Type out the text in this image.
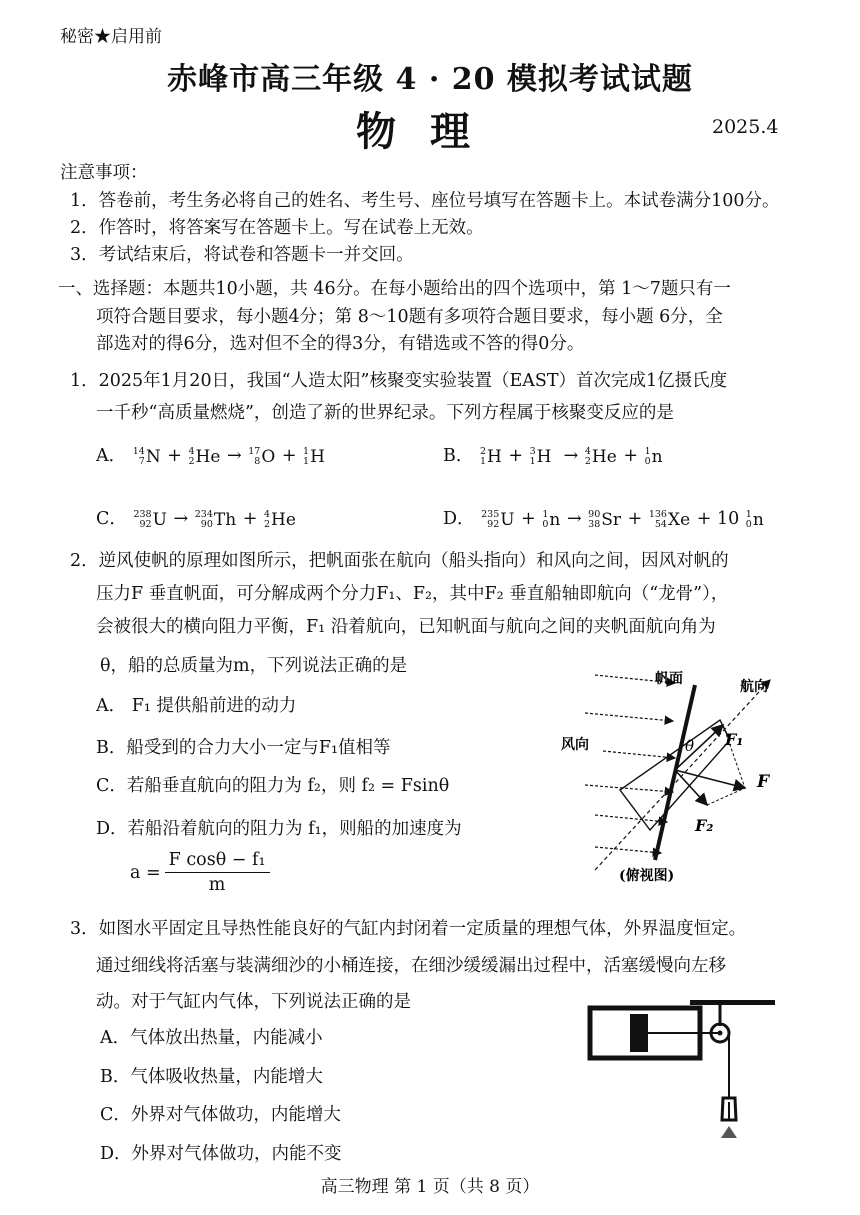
秘密★启用前
赤峰市高三年级 4 · 20 模拟考试试题
物理	2025.4
注意事项：
1．答卷前，考生务必将自己的姓名、考生号、座位号填写在答题卡上。本试卷满分100分。
2．作答时，将答案写在答题卡上。写在试卷上无效。
3．考试结束后，将试卷和答题卡一并交回。
一、选择题：本题共10小题，共 46分。在每小题给出的四个选项中，第 1～7题只有一
项符合题目要求，每小题4分；第 8～10题有多项符合题目要求，每小题 6分，全
部选对的得6分，选对但不全的得3分，有错选或不答的得0分。
1．2025年1月20日，我国“人造太阳”核聚变实验装置（EAST）首次完成1亿摄氏度
一千秒“高质量燃烧”，创造了新的世界纪录。下列方程属于核聚变反应的是
A． 14
7 N + 4
2 He → 17
8 O + 1
1 H	B． 2
1 H + 3
1 H → 4
2 He + 1
0 n
C． 238
92 U → 234
90 Th + 4
2 He	D． 235
92 U + 1
0 n → 90
38 Sr + 136
54 Xe + 10 1
0 n
2．逆风使帆的原理如图所示，把帆面张在航向（船头指向）和风向之间，因风对帆的
压力F 垂直帆面，可分解成两个分力F₁、F₂，其中F₂ 垂直船轴即航向（“龙骨”），
会被很大的横向阻力平衡，F₁ 沿着航向，已知帆面与航向之间的夹帆面航向角为
θ，船的总质量为m，下列说法正确的是
A． F₁ 提供船前进的动力
B．船受到的合力大小一定与F₁值相等
C．若船垂直航向的阻力为 f₂，则 f₂ = Fsinθ
D．若船沿着航向的阻力为 f₁，则船的加速度为
$a = \frac{\text{F cosθ − f₁}}{m}$
帆面	航向
风向	θ
F
F₁
F₂
(俯视图)
3．如图水平固定且导热性能良好的气缸内封闭着一定质量的理想气体，外界温度恒定。
通过细线将活塞与装满细沙的小桶连接，在细沙缓缓漏出过程中，活塞缓慢向左移
动。对于气缸内气体，下列说法正确的是
A．气体放出热量，内能减小
B．气体吸收热量，内能增大
C．外界对气体做功，内能增大
D．外界对气体做功，内能不变
高三物理 第 1 页（共 8 页）
